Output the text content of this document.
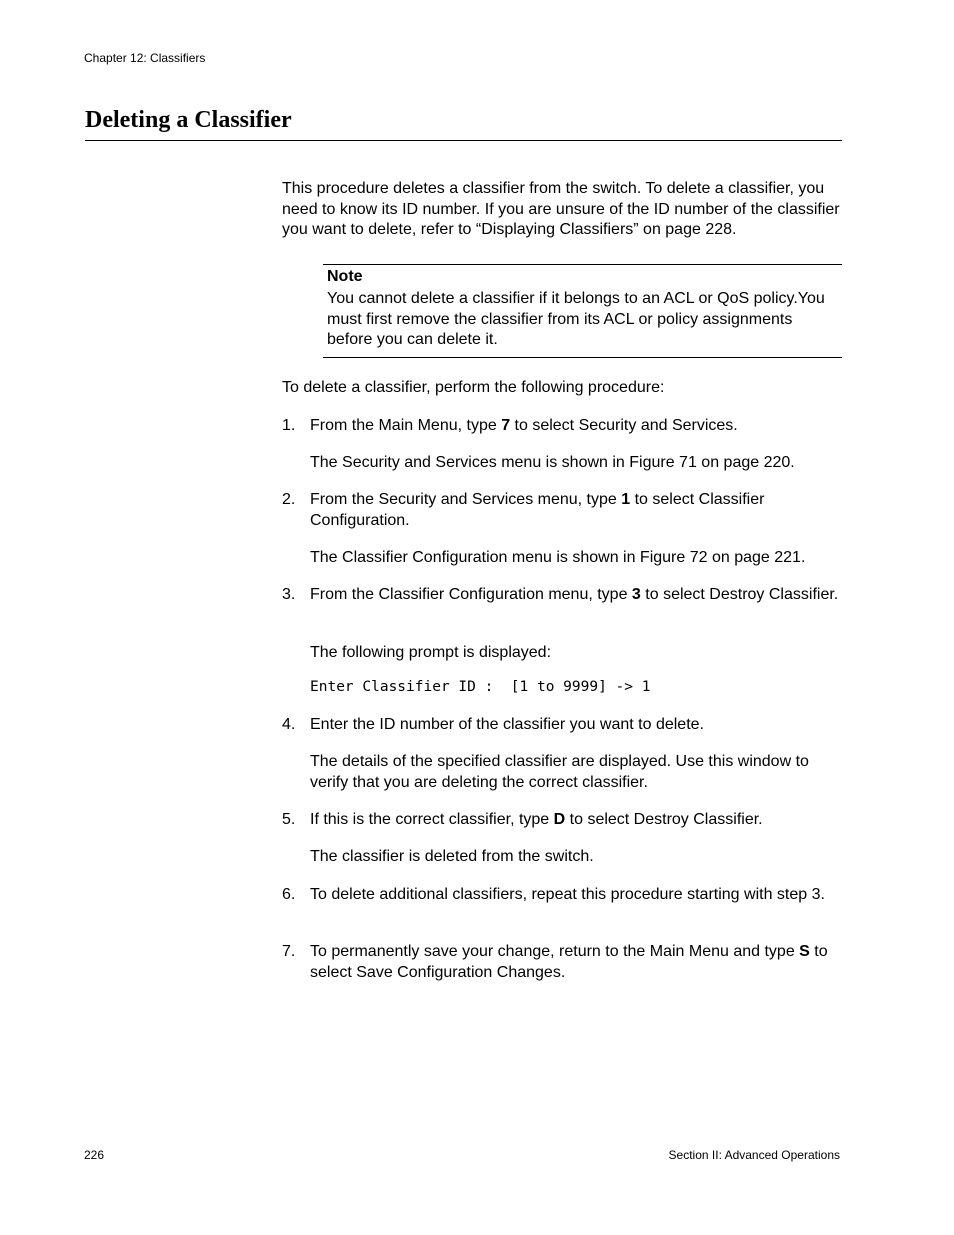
Chapter 12: Classifiers
Deleting a Classifier

This procedure deletes a classifier from the switch. To delete a classifier, you need to know its ID number. If you are unsure of the ID number of the classifier you want to delete, refer to “Displaying Classifiers” on page 228.

Note
You cannot delete a classifier if it belongs to an ACL or QoS policy.You must first remove the classifier from its ACL or policy assignments before you can delete it.

To delete a classifier, perform the following procedure:

1. From the Main Menu, type 7 to select Security and Services.
The Security and Services menu is shown in Figure 71 on page 220.
2. From the Security and Services menu, type 1 to select Classifier Configuration.
The Classifier Configuration menu is shown in Figure 72 on page 221.
3. From the Classifier Configuration menu, type 3 to select Destroy Classifier.
The following prompt is displayed:
Enter Classifier ID :  [1 to 9999] -> 1
4. Enter the ID number of the classifier you want to delete.
The details of the specified classifier are displayed. Use this window to verify that you are deleting the correct classifier.
5. If this is the correct classifier, type D to select Destroy Classifier.
The classifier is deleted from the switch.
6. To delete additional classifiers, repeat this procedure starting with step 3.
7. To permanently save your change, return to the Main Menu and type S to select Save Configuration Changes.
226	Section II: Advanced Operations
